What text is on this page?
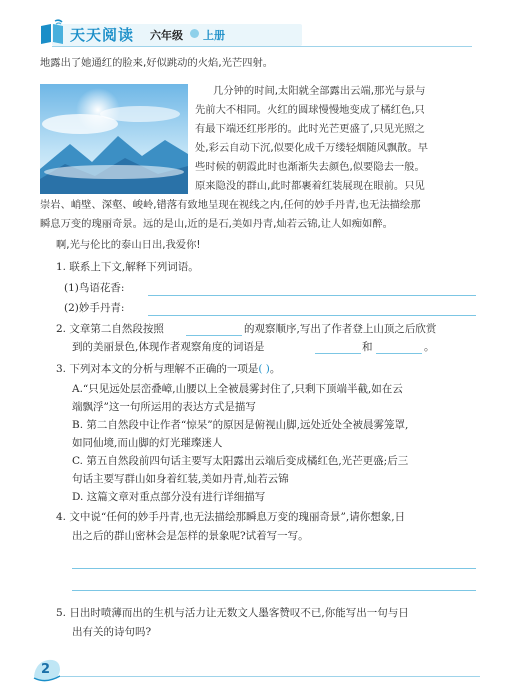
天天阅读 六年级 上册
地露出了她通红的脸来,好似跳动的火焰,光芒四射。
几分钟的时间,太阳就全部露出云端,那光与景与
先前大不相同。火红的圆球慢慢地变成了橘红色,只
有最下端还红彤彤的。此时光芒更盛了,只见光照之
处,彩云自动下沉,似要化成千万缕轻烟随风飘散。早
些时候的朝霞此时也渐渐失去颜色,似要隐去一般。
原来隐没的群山,此时都裹着红装展现在眼前。只见
崇岩、峭壁、深壑、峻岭,错落有致地呈现在视线之内,任何的妙手丹青,也无法描绘那
瞬息万变的瑰丽奇景。远的是山,近的是石,美如丹青,灿若云锦,让人如痴如醉。
啊,光与伦比的泰山日出,我爱你!
1. 联系上下文,解释下列词语。
(1)鸟语花香:
(2)妙手丹青:
2. 文章第二自然段按照	的观察顺序,写出了作者登上山顶之后欣赏
到的美丽景色,体现作者观察角度的词语是	和	。
3. 下列对本文的分析与理解不正确的一项是( )。
A.“只见远处层峦叠嶂,山腰以上全被晨雾封住了,只剩下顶端半截,如在云
端飘浮”这一句所运用的表达方式是描写
B. 第二自然段中让作者“惊呆”的原因是俯视山脚,远处近处全被晨雾笼罩,
如同仙境,而山脚的灯光璀璨迷人
C. 第五自然段前四句话主要写太阳露出云端后变成橘红色,光芒更盛;后三
句话主要写群山如身着红装,美如丹青,灿若云锦
D. 这篇文章对重点部分没有进行详细描写
4. 文中说“任何的妙手丹青,也无法描绘那瞬息万变的瑰丽奇景”,请你想象,日
出之后的群山密林会是怎样的景象呢?试着写一写。
5. 日出时喷薄而出的生机与活力让无数文人墨客赞叹不已,你能写出一句与日
出有关的诗句吗?
2
